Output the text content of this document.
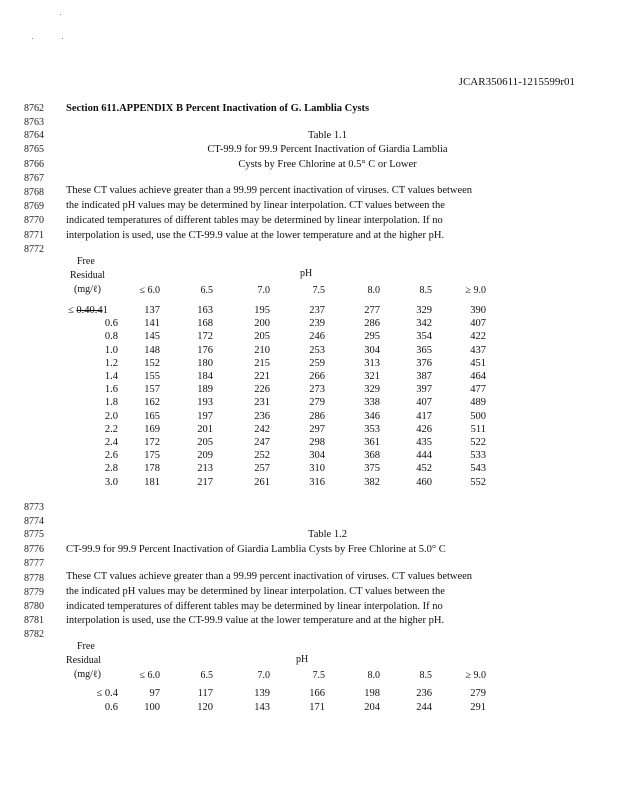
JCAR350611-1215599r01
8762
8763
8764
8765
8766
8767
8768
8769
8770
8771
8772
Section 611.APPENDIX B Percent Inactivation of G. Lamblia Cysts
Table 1.1
CT-99.9 for 99.9 Percent Inactivation of Giardia Lamblia
Cysts by Free Chlorine at 0.5° C or Lower
These CT values achieve greater than a 99.99 percent inactivation of viruses. CT values between
the indicated pH values may be determined by linear interpolation. CT values between the
indicated temperatures of different tables may be determined by linear interpolation. If no
interpolation is used, use the CT-99.9 value at the lower temperature and at the higher pH.
Free
Residual	pH
(mg/ℓ)	≤ 6.0	6.5	7.0	7.5	8.0	8.5	≥ 9.0
≤ 0.40.41	137	163	195	237	277	329	390
0.6	141	168	200	239	286	342	407
0.8	145	172	205	246	295	354	422
1.0	148	176	210	253	304	365	437
1.2	152	180	215	259	313	376	451
1.4	155	184	221	266	321	387	464
1.6	157	189	226	273	329	397	477
1.8	162	193	231	279	338	407	489
2.0	165	197	236	286	346	417	500
2.2	169	201	242	297	353	426	511
2.4	172	205	247	298	361	435	522
2.6	175	209	252	304	368	444	533
2.8	178	213	257	310	375	452	543
3.0	181	217	261	316	382	460	552
8773
8774
8775
8776
8777
8778
8779
8780
8781
8782
Table 1.2
CT-99.9 for 99.9 Percent Inactivation of Giardia Lamblia Cysts by Free Chlorine at 5.0° C
These CT values achieve greater than a 99.99 percent inactivation of viruses. CT values between
the indicated pH values may be determined by linear interpolation. CT values between the
indicated temperatures of different tables may be determined by linear interpolation. If no
interpolation is used, use the CT-99.9 value at the lower temperature and at the higher pH.
Free
Residual	pH
(mg/ℓ)	≤ 6.0	6.5	7.0	7.5	8.0	8.5	≥ 9.0
≤ 0.4	97	117	139	166	198	236	279
0.6	100	120	143	171	204	244	291
